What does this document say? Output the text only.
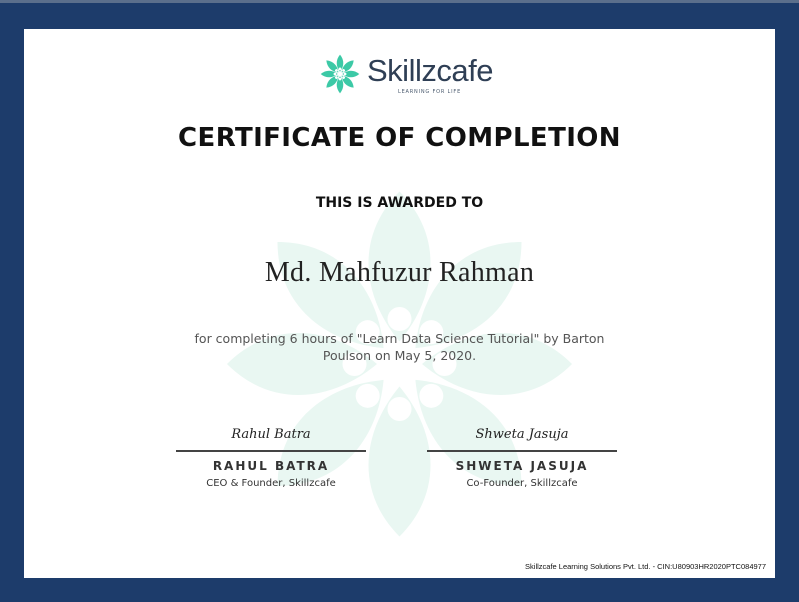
Skillzcafe
LEARNING FOR LIFE
CERTIFICATE OF COMPLETION
THIS IS AWARDED TO
Md. Mahfuzur Rahman
for completing 6 hours of "Learn Data Science Tutorial" by Barton Poulson on May 5, 2020.
Rahul Batra
RAHUL BATRA
CEO & Founder, Skillzcafe
Shweta Jasuja
SHWETA JASUJA
Co-Founder, Skillzcafe
Skillzcafe Learning Solutions Pvt. Ltd. - CIN:U80903HR2020PTC084977
